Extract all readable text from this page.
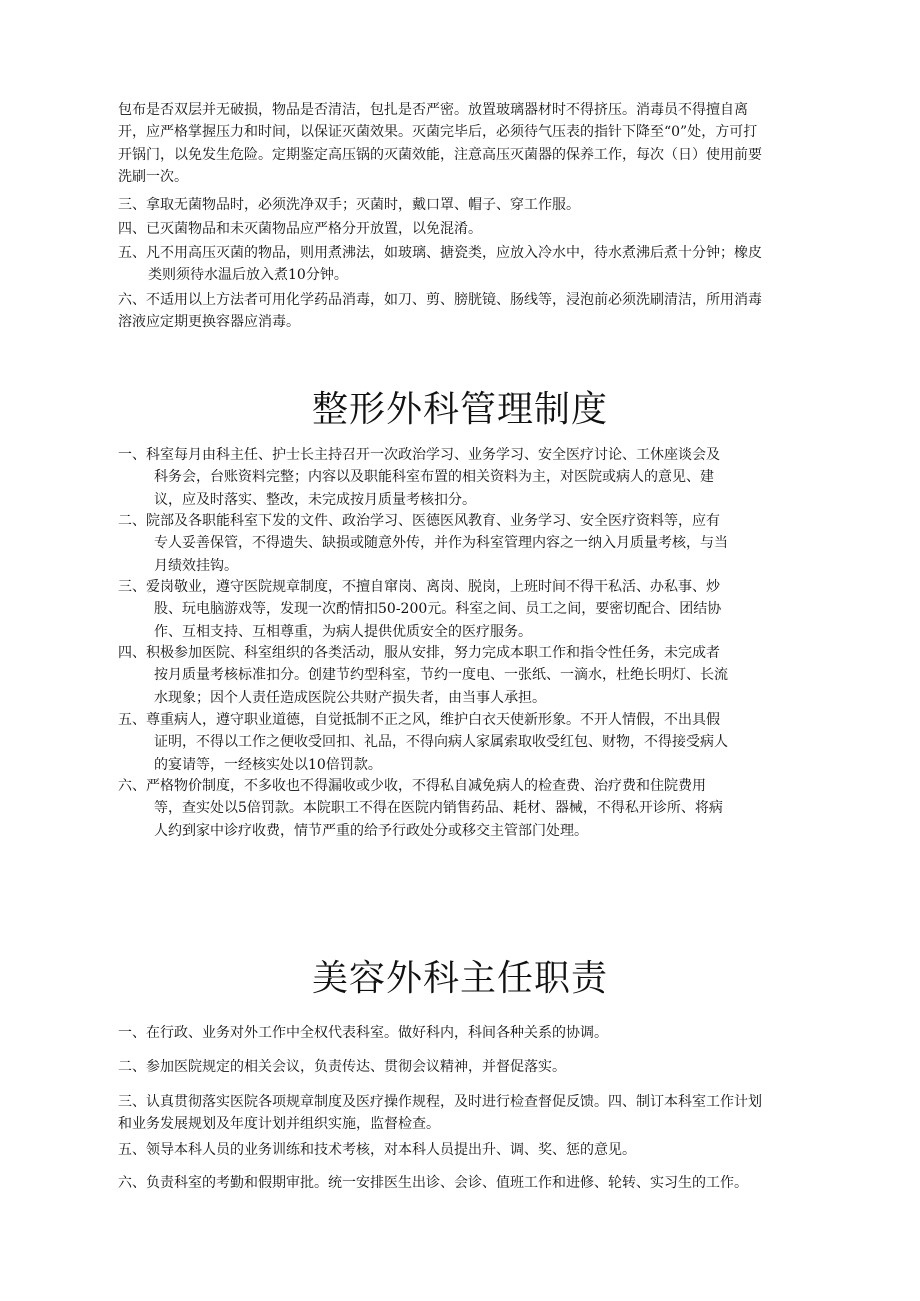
包布是否双层并无破损，物品是否清洁，包扎是否严密。放置玻璃器材时不得挤压。消毒员不得擅自离
开，应严格掌握压力和时间，以保证灭菌效果。灭菌完毕后，必须待气压表的指针下降至“0”处，方可打
开锅门，以免发生危险。定期鉴定高压锅的灭菌效能，注意高压灭菌器的保养工作，每次（日）使用前要
洗刷一次。
三、拿取无菌物品时，必须洗净双手；灭菌时，戴口罩、帽子、穿工作服。
四、已灭菌物品和未灭菌物品应严格分开放置，以免混淆。
五、凡不用高压灭菌的物品，则用煮沸法，如玻璃、搪瓷类，应放入冷水中，待水煮沸后煮十分钟；橡皮
类则须待水温后放入煮10分钟。
六、不适用以上方法者可用化学药品消毒，如刀、剪、膀胱镜、肠线等，浸泡前必须洗刷清洁，所用消毒
溶液应定期更换容器应消毒。
整形外科管理制度
一、科室每月由科主任、护士长主持召开一次政治学习、业务学习、安全医疗讨论、工休座谈会及
科务会，台账资料完整；内容以及职能科室布置的相关资料为主，对医院或病人的意见、建
议，应及时落实、整改，未完成按月质量考核扣分。
二、院部及各职能科室下发的文件、政治学习、医德医风教育、业务学习、安全医疗资料等，应有
专人妥善保管，不得遗失、缺损或随意外传，并作为科室管理内容之一纳入月质量考核，与当
月绩效挂钩。
三、爱岗敬业，遵守医院规章制度，不擅自窜岗、离岗、脱岗，上班时间不得干私活、办私事、炒
股、玩电脑游戏等，发现一次酌情扣50-200元。科室之间、员工之间，要密切配合、团结协
作、互相支持、互相尊重，为病人提供优质安全的医疗服务。
四、积极参加医院、科室组织的各类活动，服从安排，努力完成本职工作和指令性任务，未完成者
按月质量考核标准扣分。创建节约型科室，节约一度电、一张纸、一滴水，杜绝长明灯、长流
水现象；因个人责任造成医院公共财产损失者，由当事人承担。
五、尊重病人，遵守职业道德，自觉抵制不正之风，维护白衣天使新形象。不开人情假，不出具假
证明，不得以工作之便收受回扣、礼品，不得向病人家属索取收受红包、财物，不得接受病人
的宴请等，一经核实处以10倍罚款。
六、严格物价制度，不多收也不得漏收或少收，不得私自减免病人的检查费、治疗费和住院费用
等，查实处以5倍罚款。本院职工不得在医院内销售药品、耗材、器械，不得私开诊所、将病
人约到家中诊疗收费，情节严重的给予行政处分或移交主管部门处理。
美容外科主任职责
一、在行政、业务对外工作中全权代表科室。做好科内，科间各种关系的协调。
二、参加医院规定的相关会议，负责传达、贯彻会议精神，并督促落实。
三、认真贯彻落实医院各项规章制度及医疗操作规程，及时进行检查督促反馈。四、制订本科室工作计划
和业务发展规划及年度计划并组织实施，监督检查。
五、领导本科人员的业务训练和技术考核，对本科人员提出升、调、奖、惩的意见。
六、负责科室的考勤和假期审批。统一安排医生出诊、会诊、值班工作和进修、轮转、实习生的工作。
